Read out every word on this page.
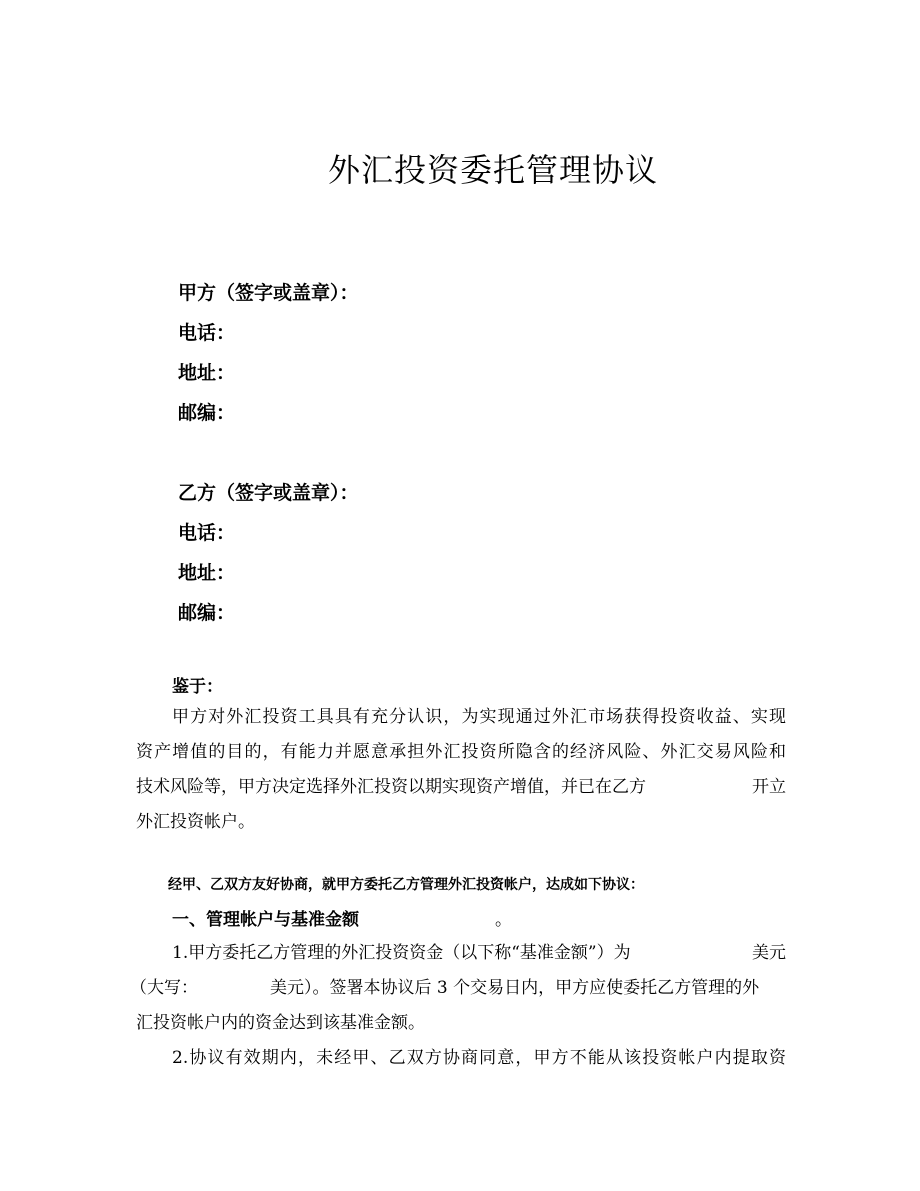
外汇投资委托管理协议

甲方（签字或盖章）：

电话：

地址：

邮编：

乙方（签字或盖章）：

电话：

地址：

邮编：

鉴于：

甲方对外汇投资工具具有充分认识，为实现通过外汇市场获得投资收益、实现
资产增值的目的，有能力并愿意承担外汇投资所隐含的经济风险、外汇交易风险和
技术风险等，甲方决定选择外汇投资以期实现资产增值，并已在乙方	开立
外汇投资帐户。

经甲、乙双方友好协商，就甲方委托乙方管理外汇投资帐户，达成如下协议：

一、管理帐户与基准金额	。

1.甲方委托乙方管理的外汇投资资金（以下称“基准金额”）为	美元
（大写：	美元）。签署本协议后 3 个交易日内，甲方应使委托乙方管理的外
汇投资帐户内的资金达到该基准金额。
2.协议有效期内，未经甲、乙双方协商同意，甲方不能从该投资帐户内提取资
